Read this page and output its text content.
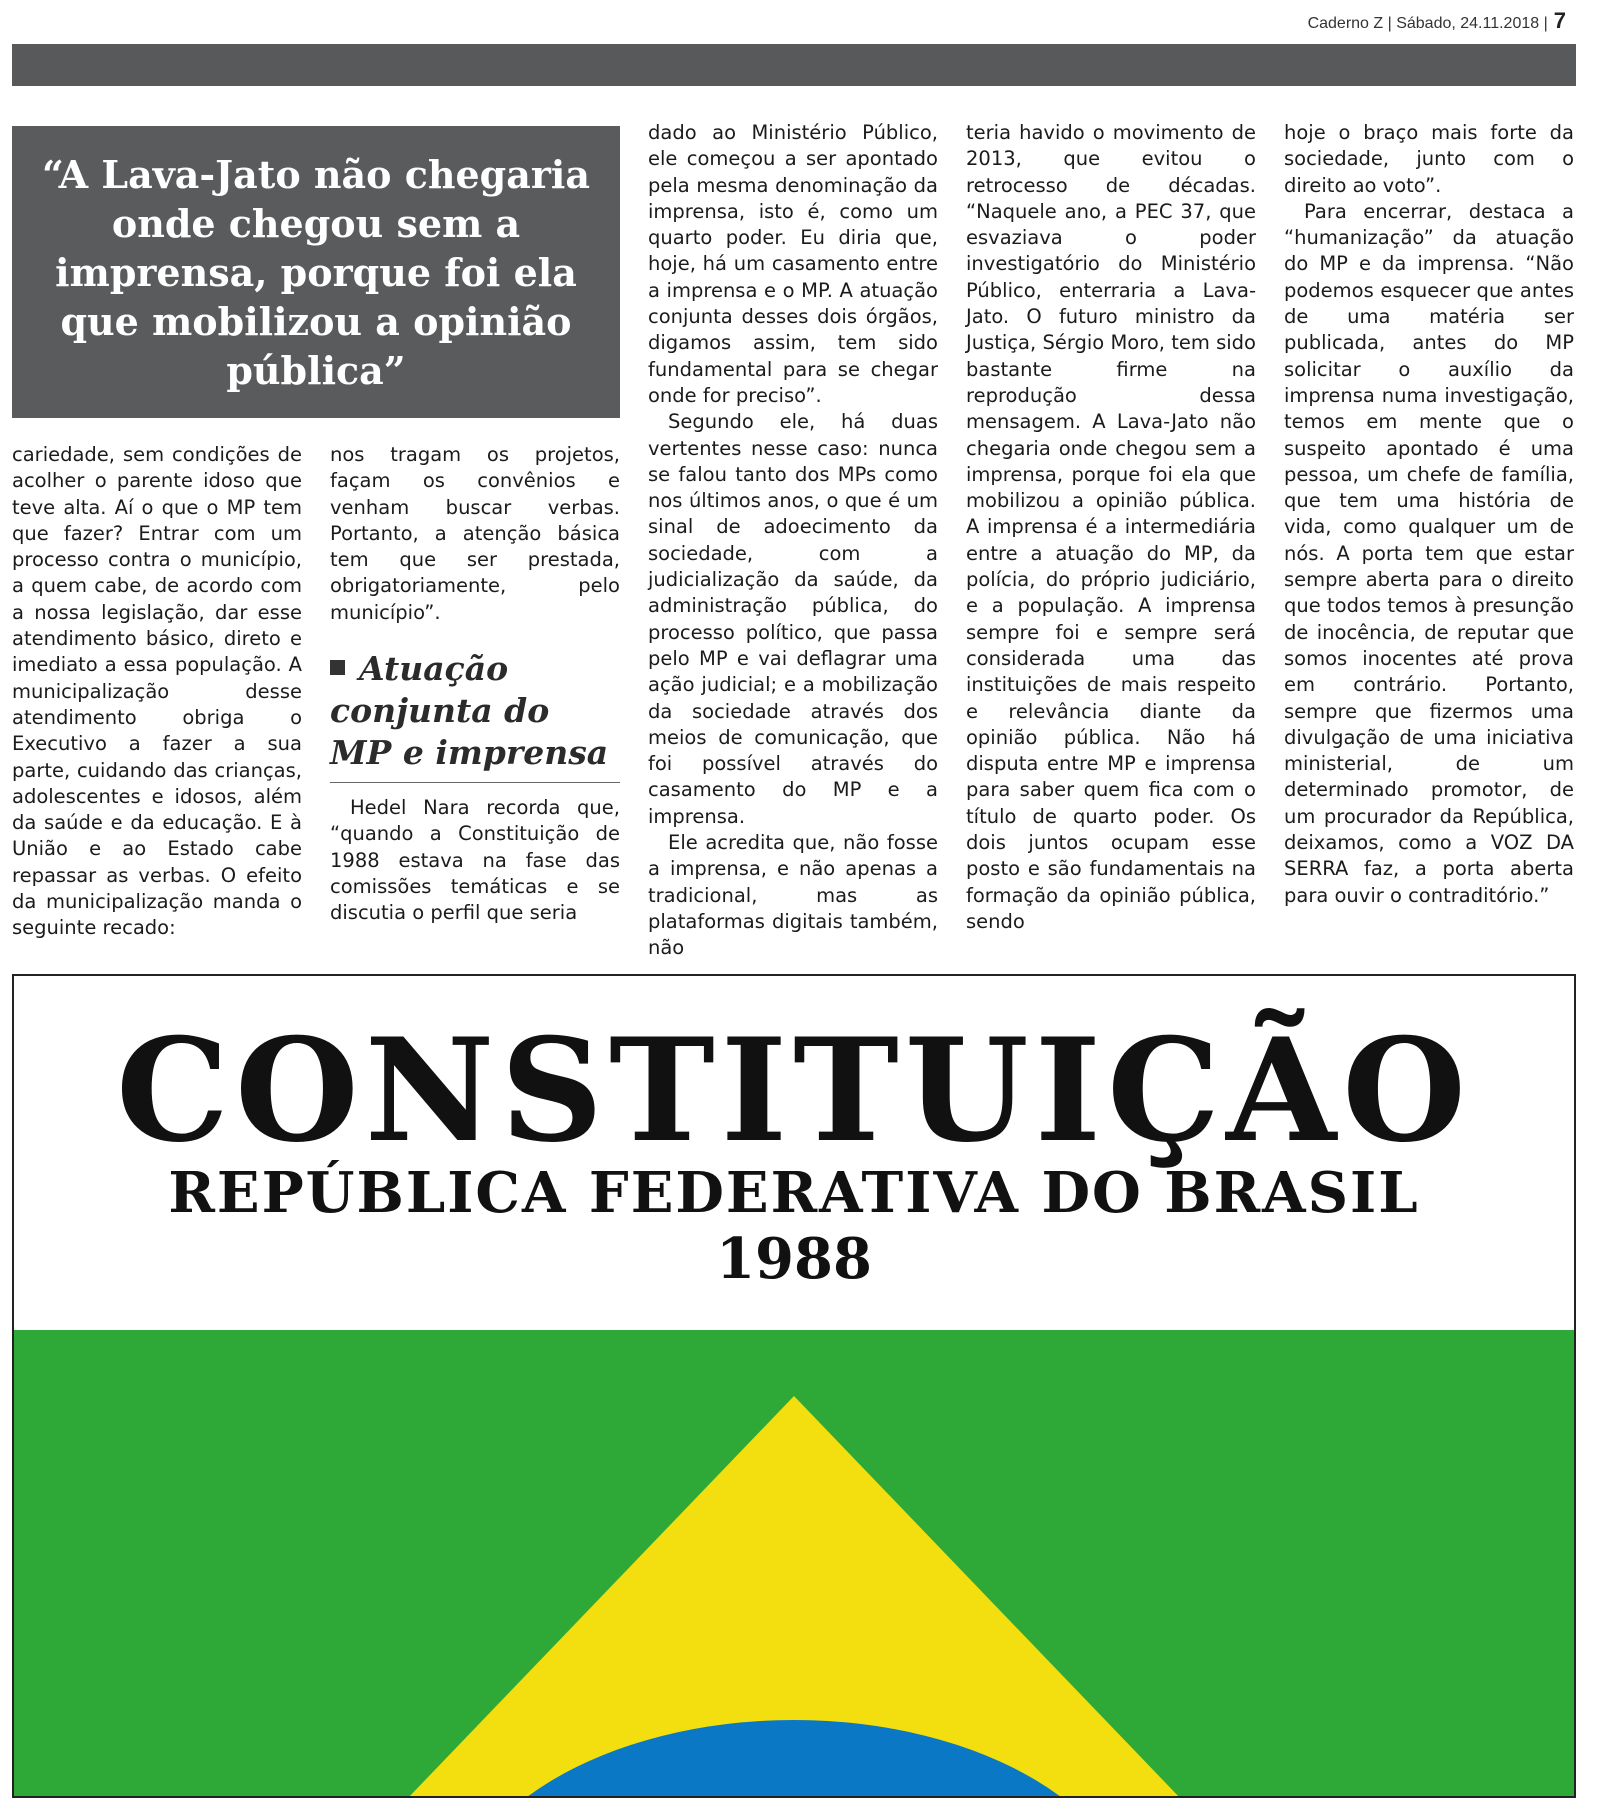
Caderno Z | Sábado, 24.11.2018 | 7
“A Lava-Jato não chegaria onde chegou sem a imprensa, porque foi ela que mobilizou a opinião pública”

cariedade, sem condições de acolher o parente idoso que teve alta. Aí o que o MP tem que fazer? Entrar com um processo contra o município, a quem cabe, de acordo com a nossa legislação, dar esse atendimento básico, direto e imediato a essa população. A municipalização desse atendimento obriga o Executivo a fazer a sua parte, cuidando das crianças, adolescentes e idosos, além da saúde e da educação. E à União e ao Estado cabe repassar as verbas. O efeito da municipalização manda o seguinte recado:

nos tragam os projetos, façam os convênios e venham buscar verbas. Portanto, a atenção básica tem que ser prestada, obrigatoriamente, pelo município”.

Atuação conjunta do MP e imprensa

Hedel Nara recorda que, “quando a Constituição de 1988 estava na fase das comissões temáticas e se discutia o perfil que seria

dado ao Ministério Público, ele começou a ser apontado pela mesma denominação da imprensa, isto é, como um quarto poder. Eu diria que, hoje, há um casamento entre a imprensa e o MP. A atuação conjunta desses dois órgãos, digamos assim, tem sido fundamental para se chegar onde for preciso”.

Segundo ele, há duas vertentes nesse caso: nunca se falou tanto dos MPs como nos últimos anos, o que é um sinal de adoecimento da sociedade, com a judicialização da saúde, da administração pública, do processo político, que passa pelo MP e vai deflagrar uma ação judicial; e a mobilização da sociedade através dos meios de comunicação, que foi possível através do casamento do MP e a imprensa.

Ele acredita que, não fosse a imprensa, e não apenas a tradicional, mas as plataformas digitais também, não

teria havido o movimento de 2013, que evitou o retrocesso de décadas. “Naquele ano, a PEC 37, que esvaziava o poder investigatório do Ministério Público, enterraria a Lava-Jato. O futuro ministro da Justiça, Sérgio Moro, tem sido bastante firme na reprodução dessa mensagem. A Lava-Jato não chegaria onde chegou sem a imprensa, porque foi ela que mobilizou a opinião pública. A imprensa é a intermediária entre a atuação do MP, da polícia, do próprio judiciário, e a população. A imprensa sempre foi e sempre será considerada uma das instituições de mais respeito e relevância diante da opinião pública. Não há disputa entre MP e imprensa para saber quem fica com o título de quarto poder. Os dois juntos ocupam esse posto e são fundamentais na formação da opinião pública, sendo

hoje o braço mais forte da sociedade, junto com o direito ao voto”.

Para encerrar, destaca a “humanização” da atuação do MP e da imprensa. “Não podemos esquecer que antes de uma matéria ser publicada, antes do MP solicitar o auxílio da imprensa numa investigação, temos em mente que o suspeito apontado é uma pessoa, um chefe de família, que tem uma história de vida, como qualquer um de nós. A porta tem que estar sempre aberta para o direito que todos temos à presunção de inocência, de reputar que somos inocentes até prova em contrário. Portanto, sempre que fizermos uma divulgação de uma iniciativa ministerial, de um determinado promotor, de um procurador da República, deixamos, como a VOZ DA SERRA faz, a porta aberta para ouvir o contraditório.”

CONSTITUIÇÃO
REPÚBLICA FEDERATIVA DO BRASIL
1988
